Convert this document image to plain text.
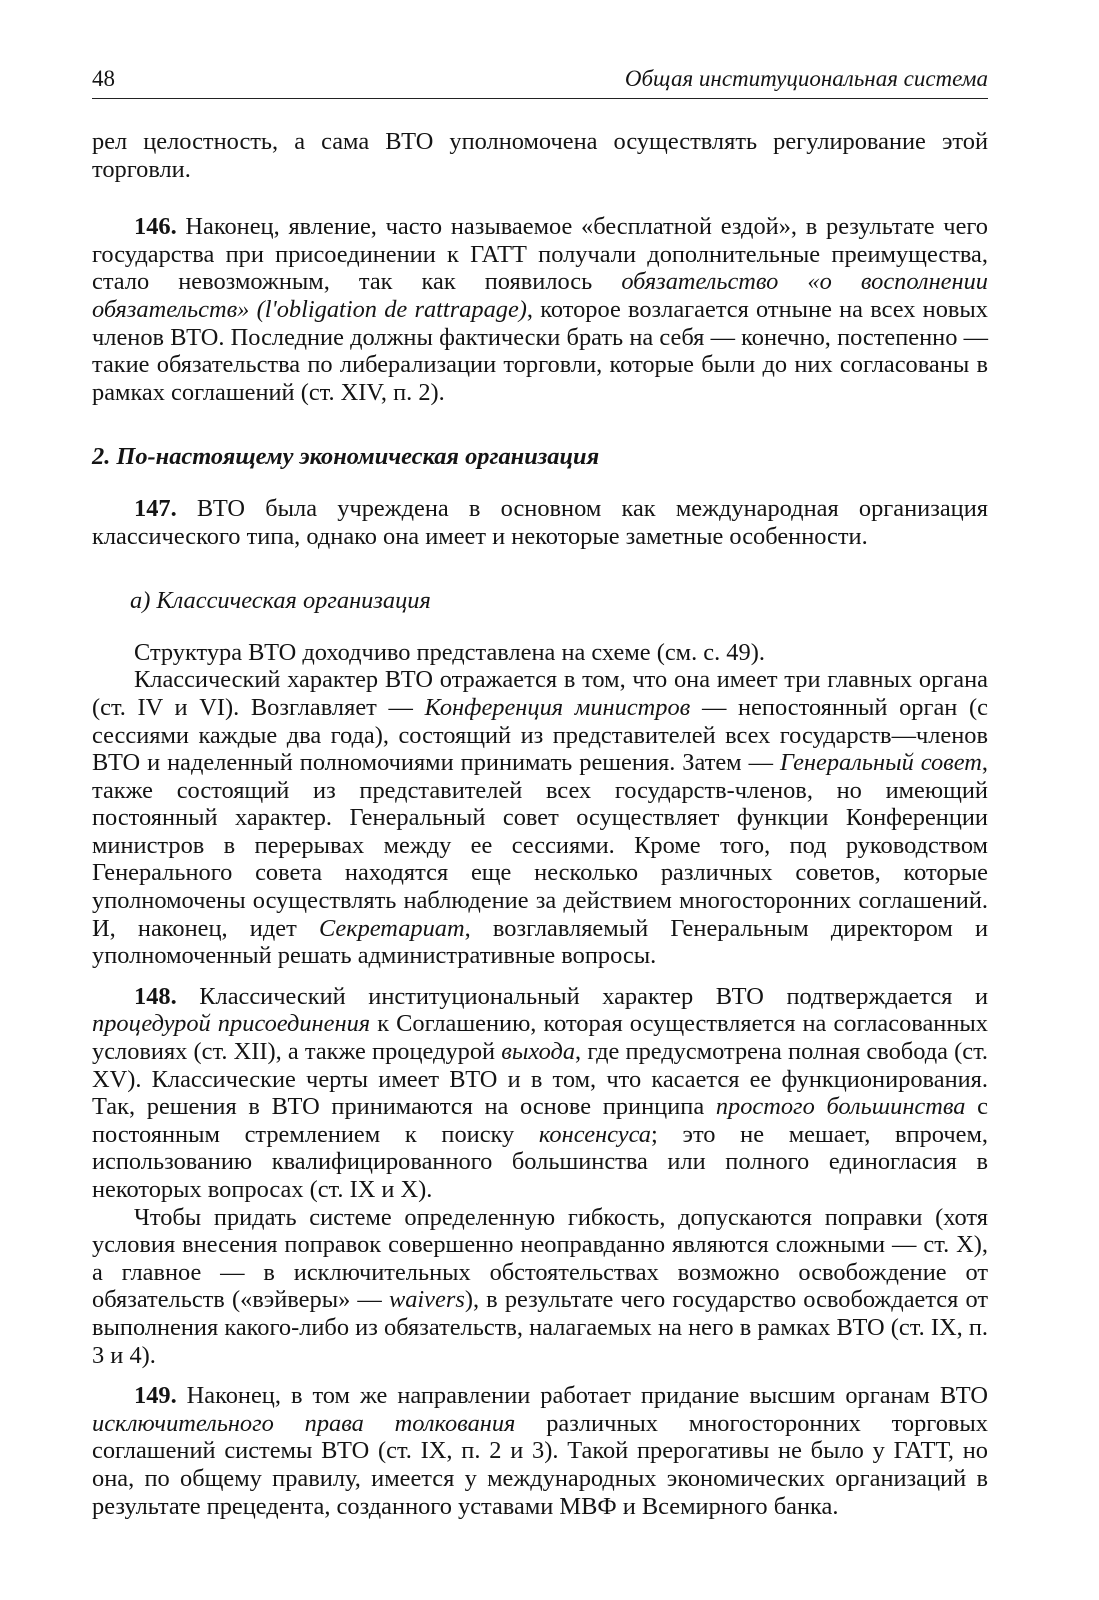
48	Общая институциональная система

рел целостность, а сама ВТО уполномочена осуществлять регулирование этой торговли.

146. Наконец, явление, часто называемое «бесплатной ездой», в результате чего государства при присоединении к ГАТТ получали дополнительные преимущества, стало невозможным, так как появилось обязательство «о восполнении обязательств» (l'obligation de rattrapage), которое возлагается отныне на всех новых членов ВТО. Последние должны фактически брать на себя — конечно, постепенно — такие обязательства по либерализации торговли, которые были до них согласованы в рамках соглашений (ст. XIV, п. 2).

2. По-настоящему экономическая организация

147. ВТО была учреждена в основном как международная организация классического типа, однако она имеет и некоторые заметные особенности.

а) Классическая организация

Структура ВТО доходчиво представлена на схеме (см. с. 49).

Классический характер ВТО отражается в том, что она имеет три главных органа (ст. IV и VI). Возглавляет — Конференция министров — непостоянный орган (с сессиями каждые два года), состоящий из представителей всех государств—членов ВТО и наделенный полномочиями принимать решения. Затем — Генеральный совет, также состоящий из представителей всех государств-членов, но имеющий постоянный характер. Генеральный совет осуществляет функции Конференции министров в перерывах между ее сессиями. Кроме того, под руководством Генерального совета находятся еще несколько различных советов, которые уполномочены осуществлять наблюдение за действием многосторонних соглашений. И, наконец, идет Секретариат, возглавляемый Генеральным директором и уполномоченный решать административные вопросы.

148. Классический институциональный характер ВТО подтверждается и процедурой присоединения к Соглашению, которая осуществляется на согласованных условиях (ст. XII), а также процедурой выхода, где предусмотрена полная свобода (ст. XV). Классические черты имеет ВТО и в том, что касается ее функционирования. Так, решения в ВТО принимаются на основе принципа простого большинства с постоянным стремлением к поиску консенсуса; это не мешает, впрочем, использованию квалифицированного большинства или полного единогласия в некоторых вопросах (ст. IX и X).

Чтобы придать системе определенную гибкость, допускаются поправки (хотя условия внесения поправок совершенно неоправданно являются сложными — ст. X), а главное — в исключительных обстоятельствах возможно освобождение от обязательств («вэйверы» — waivers), в результате чего государство освобождается от выполнения какого-либо из обязательств, налагаемых на него в рамках ВТО (ст. IX, п. 3 и 4).

149. Наконец, в том же направлении работает придание высшим органам ВТО исключительного права толкования различных многосторонних торговых соглашений системы ВТО (ст. IX, п. 2 и 3). Такой прерогативы не было у ГАТТ, но она, по общему правилу, имеется у международных экономических организаций в результате прецедента, созданного уставами МВФ и Всемирного банка.
